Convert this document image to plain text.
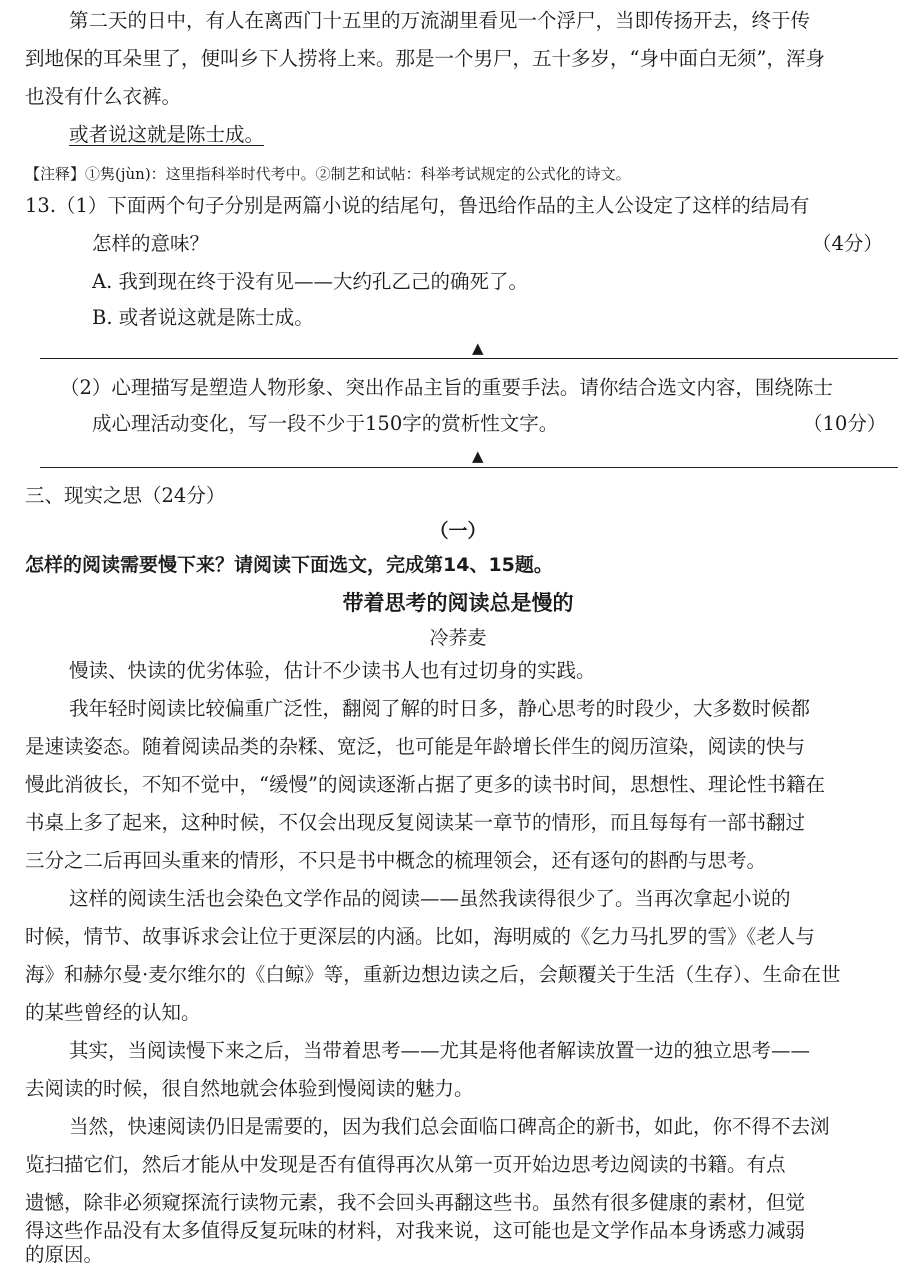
第二天的日中，有人在离西门十五里的万流湖里看见一个浮尸，当即传扬开去，终于传
到地保的耳朵里了，便叫乡下人捞将上来。那是一个男尸，五十多岁，“身中面白无须”，浑身
也没有什么衣裤。
或者说这就是陈士成。
【注释】①隽(jùn)：这里指科举时代考中。②制艺和试帖：科举考试规定的公式化的诗文。
13.（1）下面两个句子分别是两篇小说的结尾句，鲁迅给作品的主人公设定了这样的结局有
怎样的意味？	（4分）
A. 我到现在终于没有见——大约孔乙己的确死了。
B. 或者说这就是陈士成。
▲
（2）心理描写是塑造人物形象、突出作品主旨的重要手法。请你结合选文内容，围绕陈士
成心理活动变化，写一段不少于150字的赏析性文字。	（10分）
▲
三、现实之思（24分）
（一）
怎样的阅读需要慢下来？请阅读下面选文，完成第14、15题。
带着思考的阅读总是慢的
冷荞麦
慢读、快读的优劣体验，估计不少读书人也有过切身的实践。
我年轻时阅读比较偏重广泛性，翻阅了解的时日多，静心思考的时段少，大多数时候都
是速读姿态。随着阅读品类的杂糅、宽泛，也可能是年龄增长伴生的阅历渲染，阅读的快与
慢此消彼长，不知不觉中，“缓慢”的阅读逐渐占据了更多的读书时间，思想性、理论性书籍在
书桌上多了起来，这种时候，不仅会出现反复阅读某一章节的情形，而且每每有一部书翻过
三分之二后再回头重来的情形，不只是书中概念的梳理领会，还有逐句的斟酌与思考。
这样的阅读生活也会染色文学作品的阅读——虽然我读得很少了。当再次拿起小说的
时候，情节、故事诉求会让位于更深层的内涵。比如，海明威的《乞力马扎罗的雪》《老人与
海》和赫尔曼·麦尔维尔的《白鲸》等，重新边想边读之后，会颠覆关于生活（生存）、生命在世
的某些曾经的认知。
其实，当阅读慢下来之后，当带着思考——尤其是将他者解读放置一边的独立思考——
去阅读的时候，很自然地就会体验到慢阅读的魅力。
当然，快速阅读仍旧是需要的，因为我们总会面临口碑高企的新书，如此，你不得不去浏
览扫描它们，然后才能从中发现是否有值得再次从第一页开始边思考边阅读的书籍。有点
遗憾，除非必须窥探流行读物元素，我不会回头再翻这些书。虽然有很多健康的素材，但觉
得这些作品没有太多值得反复玩味的材料，对我来说，这可能也是文学作品本身诱惑力减弱
的原因。
